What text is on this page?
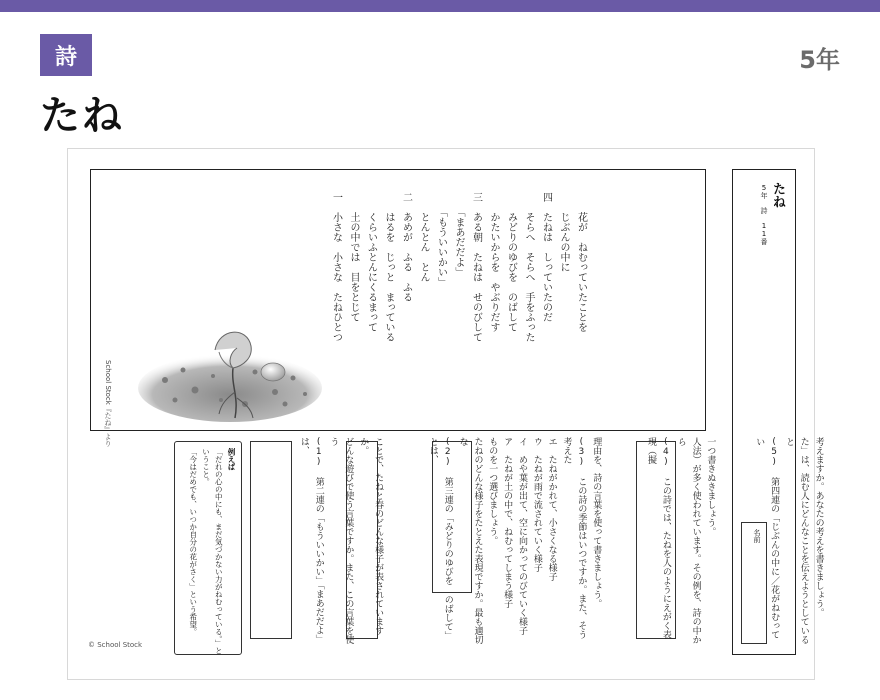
詩	5年
たね
School Stock『たね』より
　　花が　ねむっていたことを
　　じぶんの中に
四　たねは　しっていたのだ
　　そらへ　そらへ　手をふった
　　みどりのゆびを　のばして
　　かたいからを　やぶりだす
三　ある朝　たねは　せのびして
　　「まあだだよ」
　　「もういいかい」
　　とんとん　とん
二　あめが　ふる　ふる
　　はるを　じっと　まっている
　　くらいふとんにくるまって
　　土の中では　目をとじて
一　小さな　小さな　たねひとつ	たね
5年 詩 11番
名前	考えますか。あなたの考えを書きましょう。
た」は、読む人にどんなことを伝えようとしていると
(5) 第四連の「じぶんの中に／花がねむってい
一つ書きぬきましょう。
人法）が多く使われています。その例を、詩の中から
(4) この詩では、たねを人のようにえがく表現（擬
理由を、詩の言葉を使って書きましょう。
(3) この詩の季節はいつですか。また、そう考えた
エ　たねがかれて、小さくなる様子
ウ　たねが雨で流されていく様子
イ　めや葉が出て、空に向かってのびていく様子
ア　たねが土の中で、ねむってしまう様子
ものを一つ選びましょう。
たねのどんな様子をたとえた表現ですか。最も適切な
(2) 第三連の「みどりのゆびを のばして」とは、
ことで、たねと春のどんな様子が表されていますか。
どんな遊びで使う言葉ですか。また、この言葉を使う
(1) 第二連の「もういいかい」「まあだだよ」は、
例えば
「だれの心の中にも、まだ気づかない力がねむっている。」と
いうこと。
「今はだめでも、いつか自分の花がさく」という希望。
© School Stock
